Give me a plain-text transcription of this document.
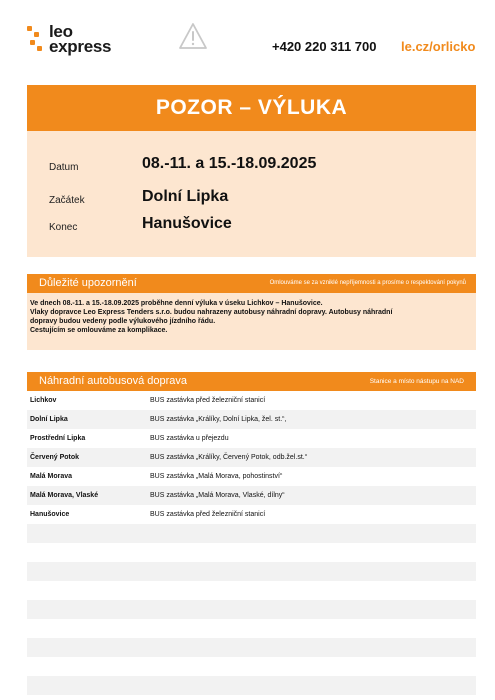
leo
express	+420 220 311 700 le.cz/orlicko
POZOR – VÝLUKA
Datum	08.-11. a 15.-18.09.2025
Začátek	Dolní Lipka
Konec	Hanušovice
Důležité upozornění	Omlouváme se za vzniklé nepříjemnosti a prosíme o respektování pokynů
Ve dnech 08.-11. a 15.-18.09.2025 proběhne denní výluka v úseku Lichkov – Hanušovice.
Vlaky dopravce Leo Express Tenders s.r.o. budou nahrazeny autobusy náhradní dopravy. Autobusy náhradní
dopravy budou vedeny podle výlukového jízdního řádu.
Cestujícím se omlouváme za komplikace.
Náhradní autobusová doprava	Stanice a místo nástupu na NAD
Lichkov	BUS zastávka před železniční stanicí
Dolní Lipka	BUS zastávka „Králíky, Dolní Lipka, žel. st.“,
Prostřední Lipka	BUS zastávka u přejezdu
Červený Potok	BUS zastávka „Králíky, Červený Potok, odb.žel.st.“
Malá Morava	BUS zastávka „Malá Morava, pohostinství“
Malá Morava, Vlaské	BUS zastávka „Malá Morava, Vlaské, dílny“
Hanušovice	BUS zastávka před železniční stanicí
